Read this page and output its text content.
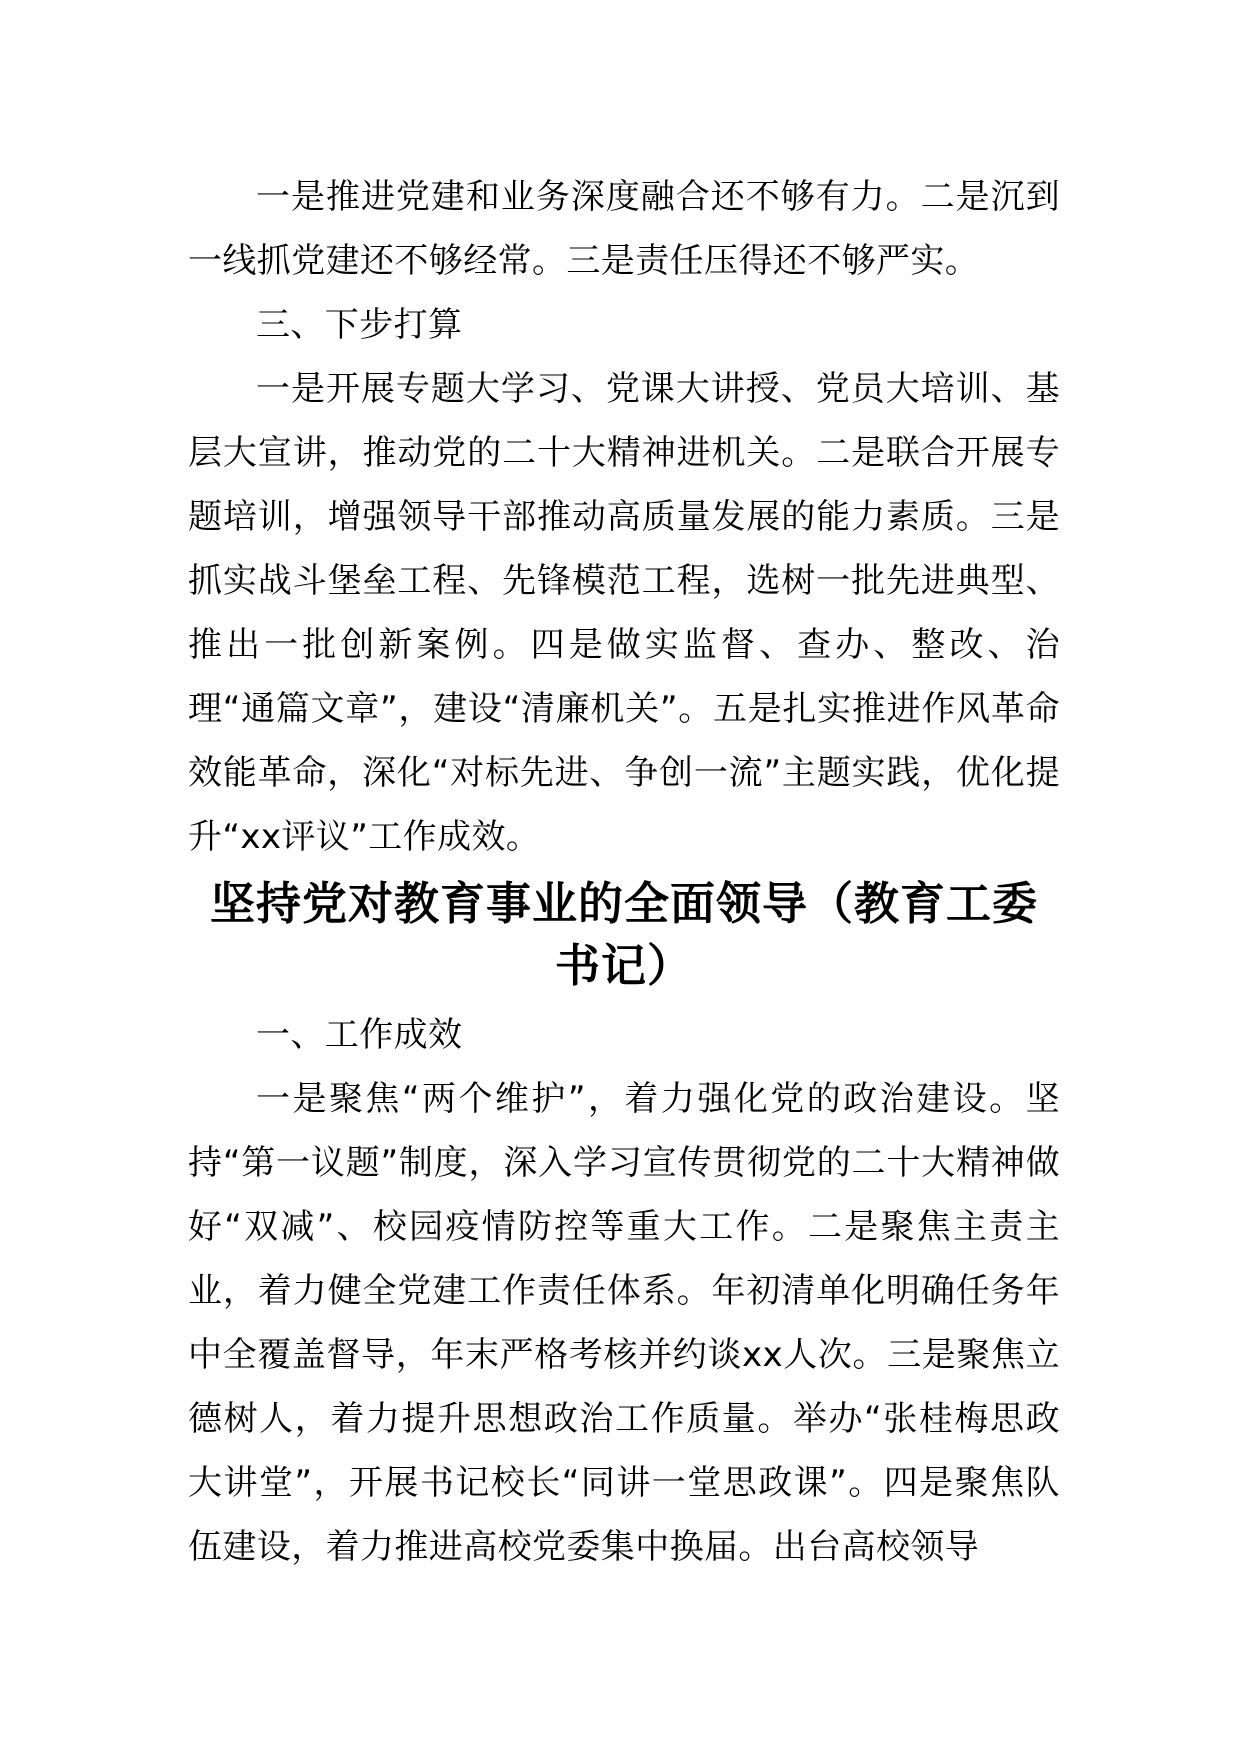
一是推进党建和业务深度融合还不够有力。二是沉到一线抓党建还不够经常。三是责任压得还不够严实。

三、下步打算

一是开展专题大学习、党课大讲授、党员大培训、基层大宣讲，推动党的二十大精神进机关。二是联合开展专题培训，增强领导干部推动高质量发展的能力素质。三是抓实战斗堡垒工程、先锋模范工程，选树一批先进典型、推出一批创新案例。四是做实监督、查办、整改、治理“通篇文章”，建设“清廉机关”。五是扎实推进作风革命效能革命，深化“对标先进、争创一流”主题实践，优化提升“xx评议”工作成效。

坚持党对教育事业的全面领导（教育工委书记）

一、工作成效

一是聚焦“两个维护”，着力强化党的政治建设。坚持“第一议题”制度，深入学习宣传贯彻党的二十大精神做好“双减”、校园疫情防控等重大工作。二是聚焦主责主业，着力健全党建工作责任体系。年初清单化明确任务年中全覆盖督导，年末严格考核并约谈xx人次。三是聚焦立德树人，着力提升思想政治工作质量。举办“张桂梅思政大讲堂”，开展书记校长“同讲一堂思政课”。四是聚焦队伍建设，着力推进高校党委集中换届。出台高校领导
